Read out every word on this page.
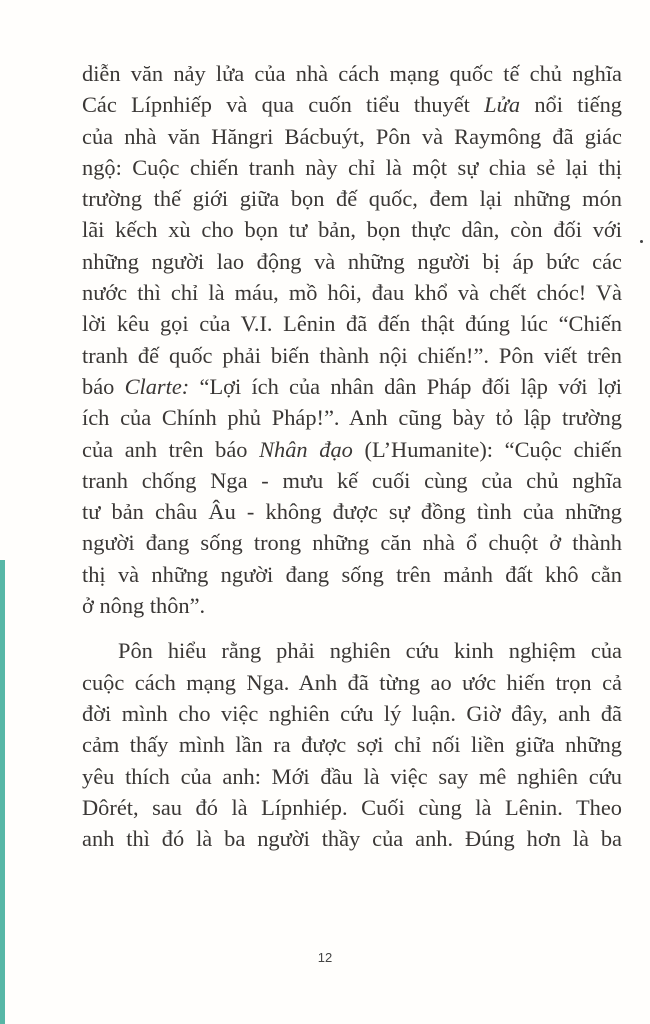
diễn văn nảy lửa của nhà cách mạng quốc tế chủ nghĩa
Các Lípnhiếp và qua cuốn tiểu thuyết Lửa nổi tiếng
của nhà văn Hăngri Bácbuýt, Pôn và Raymông đã giác
ngộ: Cuộc chiến tranh này chỉ là một sự chia sẻ lại thị
trường thế giới giữa bọn đế quốc, đem lại những món
lãi kếch xù cho bọn tư bản, bọn thực dân, còn đối với
những người lao động và những người bị áp bức các
nước thì chỉ là máu, mồ hôi, đau khổ và chết chóc! Và
lời kêu gọi của V.I. Lênin đã đến thật đúng lúc “Chiến
tranh đế quốc phải biến thành nội chiến!”. Pôn viết trên
báo Clarte: “Lợi ích của nhân dân Pháp đối lập với lợi
ích của Chính phủ Pháp!”. Anh cũng bày tỏ lập trường
của anh trên báo Nhân đạo (L’Humanite): “Cuộc chiến
tranh chống Nga - mưu kế cuối cùng của chủ nghĩa
tư bản châu Âu - không được sự đồng tình của những
người đang sống trong những căn nhà ổ chuột ở thành
thị và những người đang sống trên mảnh đất khô cằn
ở nông thôn”.
Pôn hiểu rằng phải nghiên cứu kinh nghiệm của
cuộc cách mạng Nga. Anh đã từng ao ước hiến trọn cả
đời mình cho việc nghiên cứu lý luận. Giờ đây, anh đã
cảm thấy mình lần ra được sợi chỉ nối liền giữa những
yêu thích của anh: Mới đầu là việc say mê nghiên cứu
Dôrét, sau đó là Lípnhiép. Cuối cùng là Lênin. Theo
anh thì đó là ba người thầy của anh. Đúng hơn là ba
12
